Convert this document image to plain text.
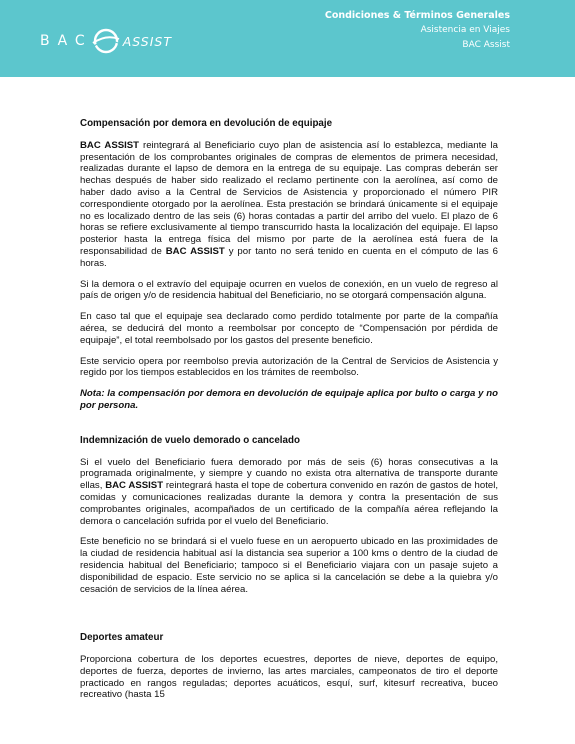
BAC ASSIST
Condiciones & Términos Generales
Asistencia en Viajes
BAC Assist
Compensación por demora en devolución de equipaje

BAC ASSIST reintegrará al Beneficiario cuyo plan de asistencia así lo establezca, mediante la presentación de los comprobantes originales de compras de elementos de primera necesidad, realizadas durante el lapso de demora en la entrega de su equipaje. Las compras deberán ser hechas después de haber sido realizado el reclamo pertinente con la aerolínea, así como de haber dado aviso a la Central de Servicios de Asistencia y proporcionado el número PIR correspondiente otorgado por la aerolínea. Esta prestación se brindará únicamente si el equipaje no es localizado dentro de las seis (6) horas contadas a partir del arribo del vuelo. El plazo de 6 horas se refiere exclusivamente al tiempo transcurrido hasta la localización del equipaje. El lapso posterior hasta la entrega física del mismo por parte de la aerolínea está fuera de la responsabilidad de BAC ASSIST y por tanto no será tenido en cuenta en el cómputo de las 6 horas.

Si la demora o el extravío del equipaje ocurren en vuelos de conexión, en un vuelo de regreso al país de origen y/o de residencia habitual del Beneficiario, no se otorgará compensación alguna.

En caso tal que el equipaje sea declarado como perdido totalmente por parte de la compañía aérea, se deducirá del monto a reembolsar por concepto de “Compensación por pérdida de equipaje”, el total reembolsado por los gastos del presente beneficio.

Este servicio opera por reembolso previa autorización de la Central de Servicios de Asistencia y regido por los tiempos establecidos en los trámites de reembolso.

Nota: la compensación por demora en devolución de equipaje aplica por bulto o carga y no por persona.

Indemnización de vuelo demorado o cancelado

Si el vuelo del Beneficiario fuera demorado por más de seis (6) horas consecutivas a la programada originalmente, y siempre y cuando no exista otra alternativa de transporte durante ellas, BAC ASSIST reintegrará hasta el tope de cobertura convenido en razón de gastos de hotel, comidas y comunicaciones realizadas durante la demora y contra la presentación de sus comprobantes originales, acompañados de un certificado de la compañía aérea reflejando la demora o cancelación sufrida por el vuelo del Beneficiario.

Este beneficio no se brindará si el vuelo fuese en un aeropuerto ubicado en las proximidades de la ciudad de residencia habitual así la distancia sea superior a 100 kms o dentro de la ciudad de residencia habitual del Beneficiario; tampoco si el Beneficiario viajara con un pasaje sujeto a disponibilidad de espacio. Este servicio no se aplica si la cancelación se debe a la quiebra y/o cesación de servicios de la línea aérea.

Deportes amateur

Proporciona cobertura de los deportes ecuestres, deportes de nieve, deportes de equipo, deportes de fuerza, deportes de invierno, las artes marciales, campeonatos de tiro el deporte practicado en rangos reguladas; deportes acuáticos, esquí, surf, kitesurf recreativa, buceo recreativo (hasta 15
